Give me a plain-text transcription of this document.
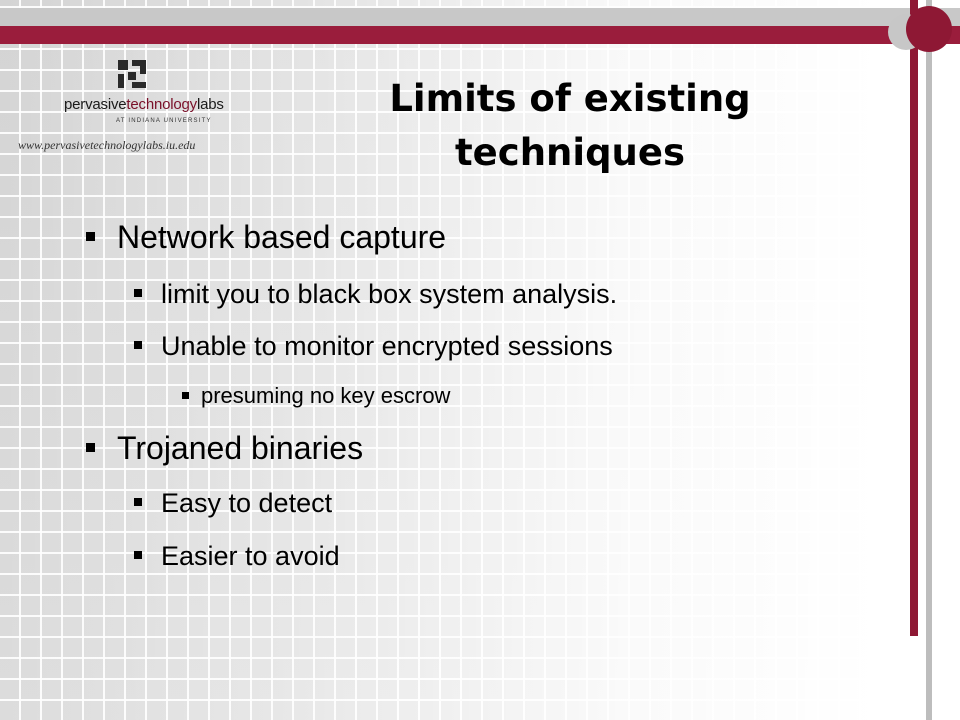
pervasivetechnologylabs
AT INDIANA UNIVERSITY
www.pervasivetechnologylabs.iu.edu
Limits of existing
techniques
Network based capture
limit you to black box system analysis.
Unable to monitor encrypted sessions
presuming no key escrow
Trojaned binaries
Easy to detect
Easier to avoid
